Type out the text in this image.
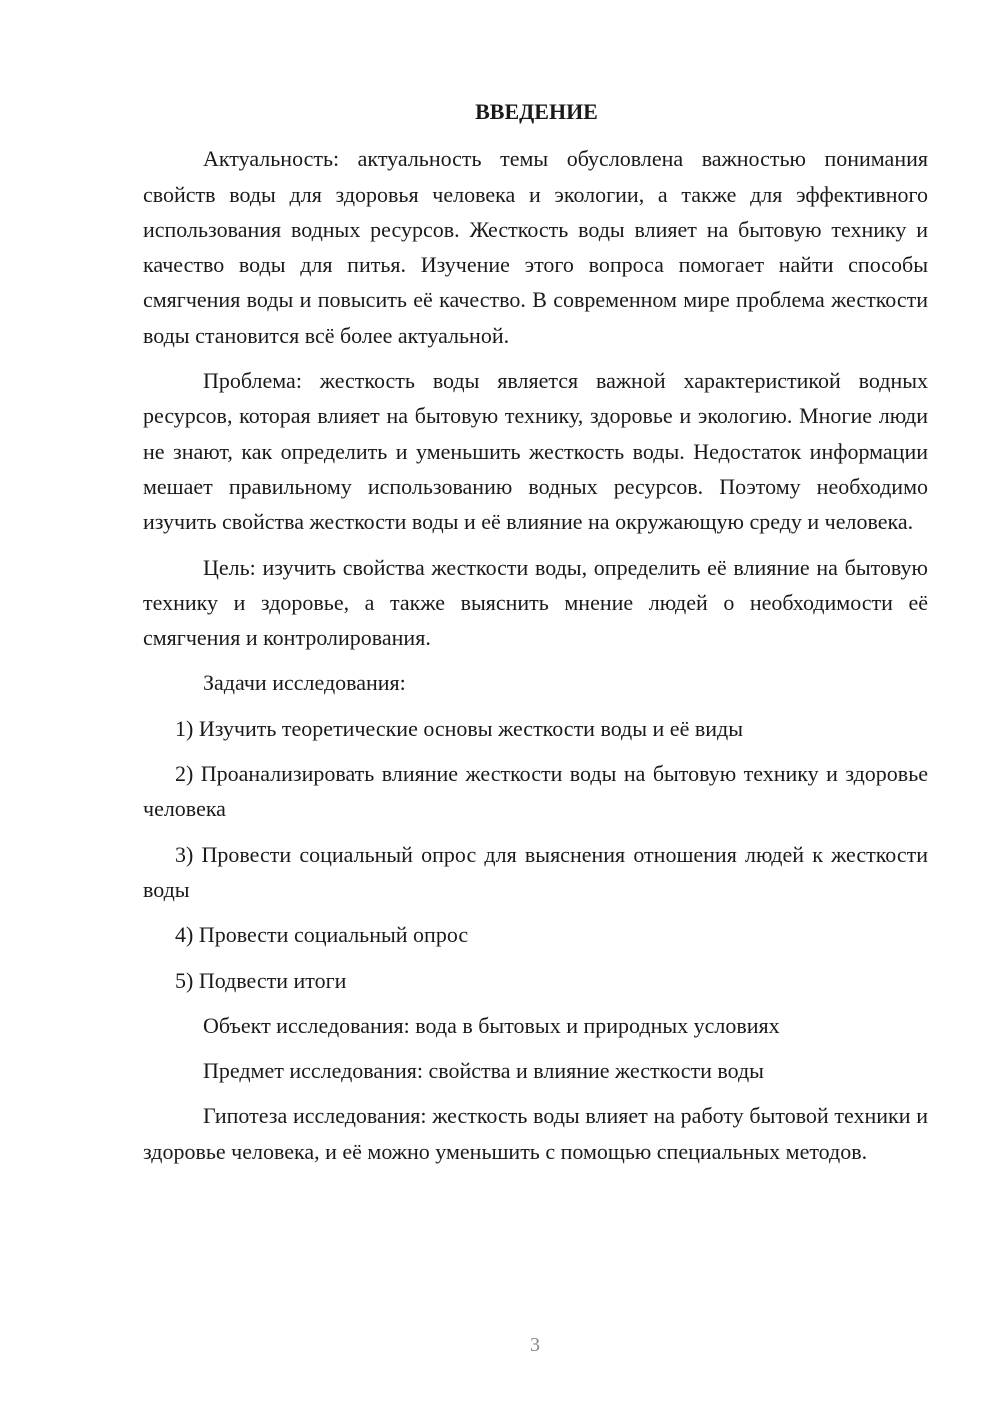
ВВЕДЕНИЕ

Актуальность: актуальность темы обусловлена важностью понимания свойств воды для здоровья человека и экологии, а также для эффективного использования водных ресурсов. Жесткость воды влияет на бытовую технику и качество воды для питья. Изучение этого вопроса помогает найти способы смягчения воды и повысить её качество. В современном мире проблема жесткости воды становится всё более актуальной.

Проблема: жесткость воды является важной характеристикой водных ресурсов, которая влияет на бытовую технику, здоровье и экологию. Многие люди не знают, как определить и уменьшить жесткость воды. Недостаток информации мешает правильному использованию водных ресурсов. Поэтому необходимо изучить свойства жесткости воды и её влияние на окружающую среду и человека.

Цель: изучить свойства жесткости воды, определить её влияние на бытовую технику и здоровье, а также выяснить мнение людей о необходимости её смягчения и контролирования.

Задачи исследования:

1) Изучить теоретические основы жесткости воды и её виды

2) Проанализировать влияние жесткости воды на бытовую технику и здоровье человека

3) Провести социальный опрос для выяснения отношения людей к жесткости воды

4) Провести социальный опрос

5) Подвести итоги

Объект исследования: вода в бытовых и природных условиях

Предмет исследования: свойства и влияние жесткости воды

Гипотеза исследования: жесткость воды влияет на работу бытовой техники и здоровье человека, и её можно уменьшить с помощью специальных методов.

3
